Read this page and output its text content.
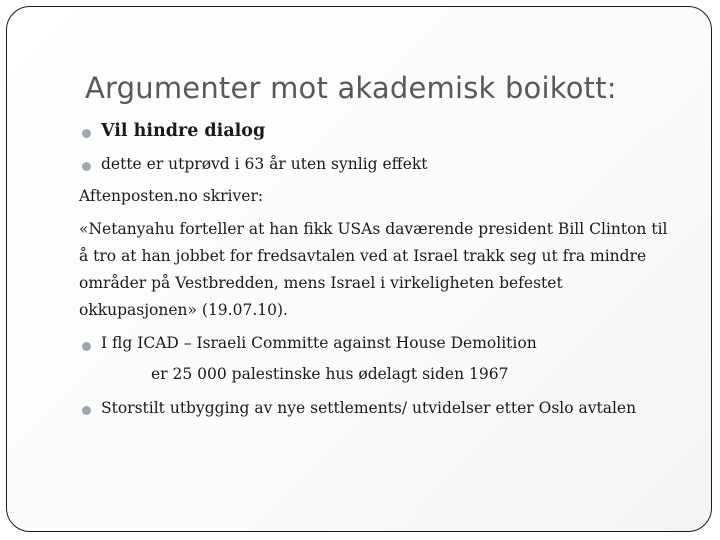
Argumenter mot akademisk boikott:
Vil hindre dialog
dette er utprøvd i 63 år uten synlig effekt
Aftenposten.no skriver:
«Netanyahu forteller at han fikk USAs daværende president Bill Clinton til
å tro at han jobbet for fredsavtalen ved at Israel trakk seg ut fra mindre
områder på Vestbredden, mens Israel i virkeligheten befestet
okkupasjonen» (19.07.10).
I flg ICAD – Israeli Committe against House Demolition
er 25 000 palestinske hus ødelagt siden 1967
Storstilt utbygging av nye settlements/ utvidelser etter Oslo avtalen
